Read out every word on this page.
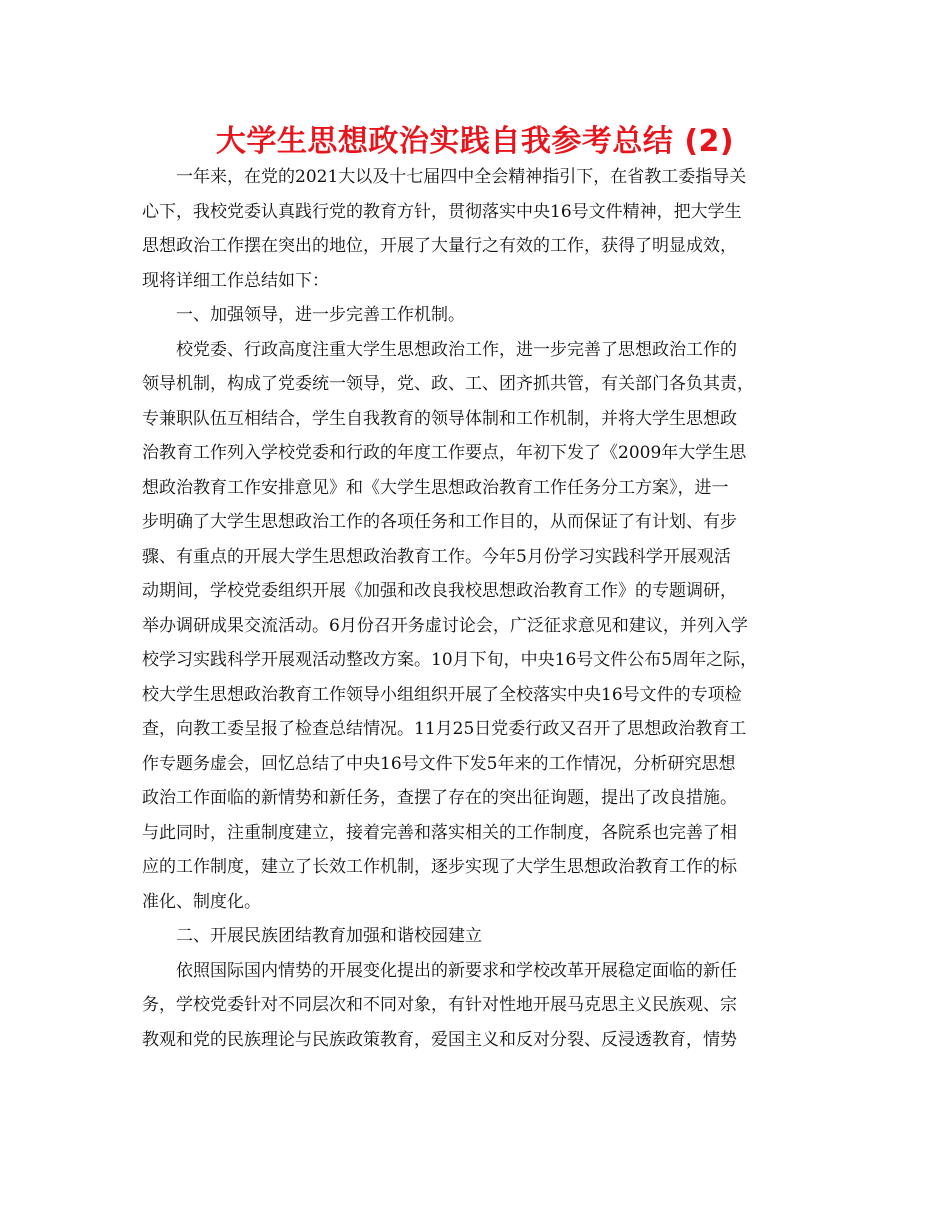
大学生思想政治实践自我参考总结 (2)
一年来，在党的2021大以及十七届四中全会精神指引下，在省教工委指导关
心下，我校党委认真践行党的教育方针，贯彻落实中央16号文件精神，把大学生
思想政治工作摆在突出的地位，开展了大量行之有效的工作，获得了明显成效，
现将详细工作总结如下：
一、加强领导，进一步完善工作机制。
校党委、行政高度注重大学生思想政治工作，进一步完善了思想政治工作的
领导机制，构成了党委统一领导，党、政、工、团齐抓共管，有关部门各负其责，
专兼职队伍互相结合，学生自我教育的领导体制和工作机制，并将大学生思想政
治教育工作列入学校党委和行政的年度工作要点，年初下发了《2009年大学生思
想政治教育工作安排意见》和《大学生思想政治教育工作任务分工方案》，进一
步明确了大学生思想政治工作的各项任务和工作目的，从而保证了有计划、有步
骤、有重点的开展大学生思想政治教育工作。今年5月份学习实践科学开展观活
动期间，学校党委组织开展《加强和改良我校思想政治教育工作》的专题调研，
举办调研成果交流活动。6月份召开务虚讨论会，广泛征求意见和建议，并列入学
校学习实践科学开展观活动整改方案。10月下旬，中央16号文件公布5周年之际，
校大学生思想政治教育工作领导小组组织开展了全校落实中央16号文件的专项检
查，向教工委呈报了检查总结情况。11月25日党委行政又召开了思想政治教育工
作专题务虚会，回忆总结了中央16号文件下发5年来的工作情况，分析研究思想
政治工作面临的新情势和新任务，查摆了存在的突出征询题，提出了改良措施。
与此同时，注重制度建立，接着完善和落实相关的工作制度，各院系也完善了相
应的工作制度，建立了长效工作机制，逐步实现了大学生思想政治教育工作的标
准化、制度化。
二、开展民族团结教育加强和谐校园建立
依照国际国内情势的开展变化提出的新要求和学校改革开展稳定面临的新任
务，学校党委针对不同层次和不同对象，有针对性地开展马克思主义民族观、宗
教观和党的民族理论与民族政策教育，爱国主义和反对分裂、反浸透教育，情势
